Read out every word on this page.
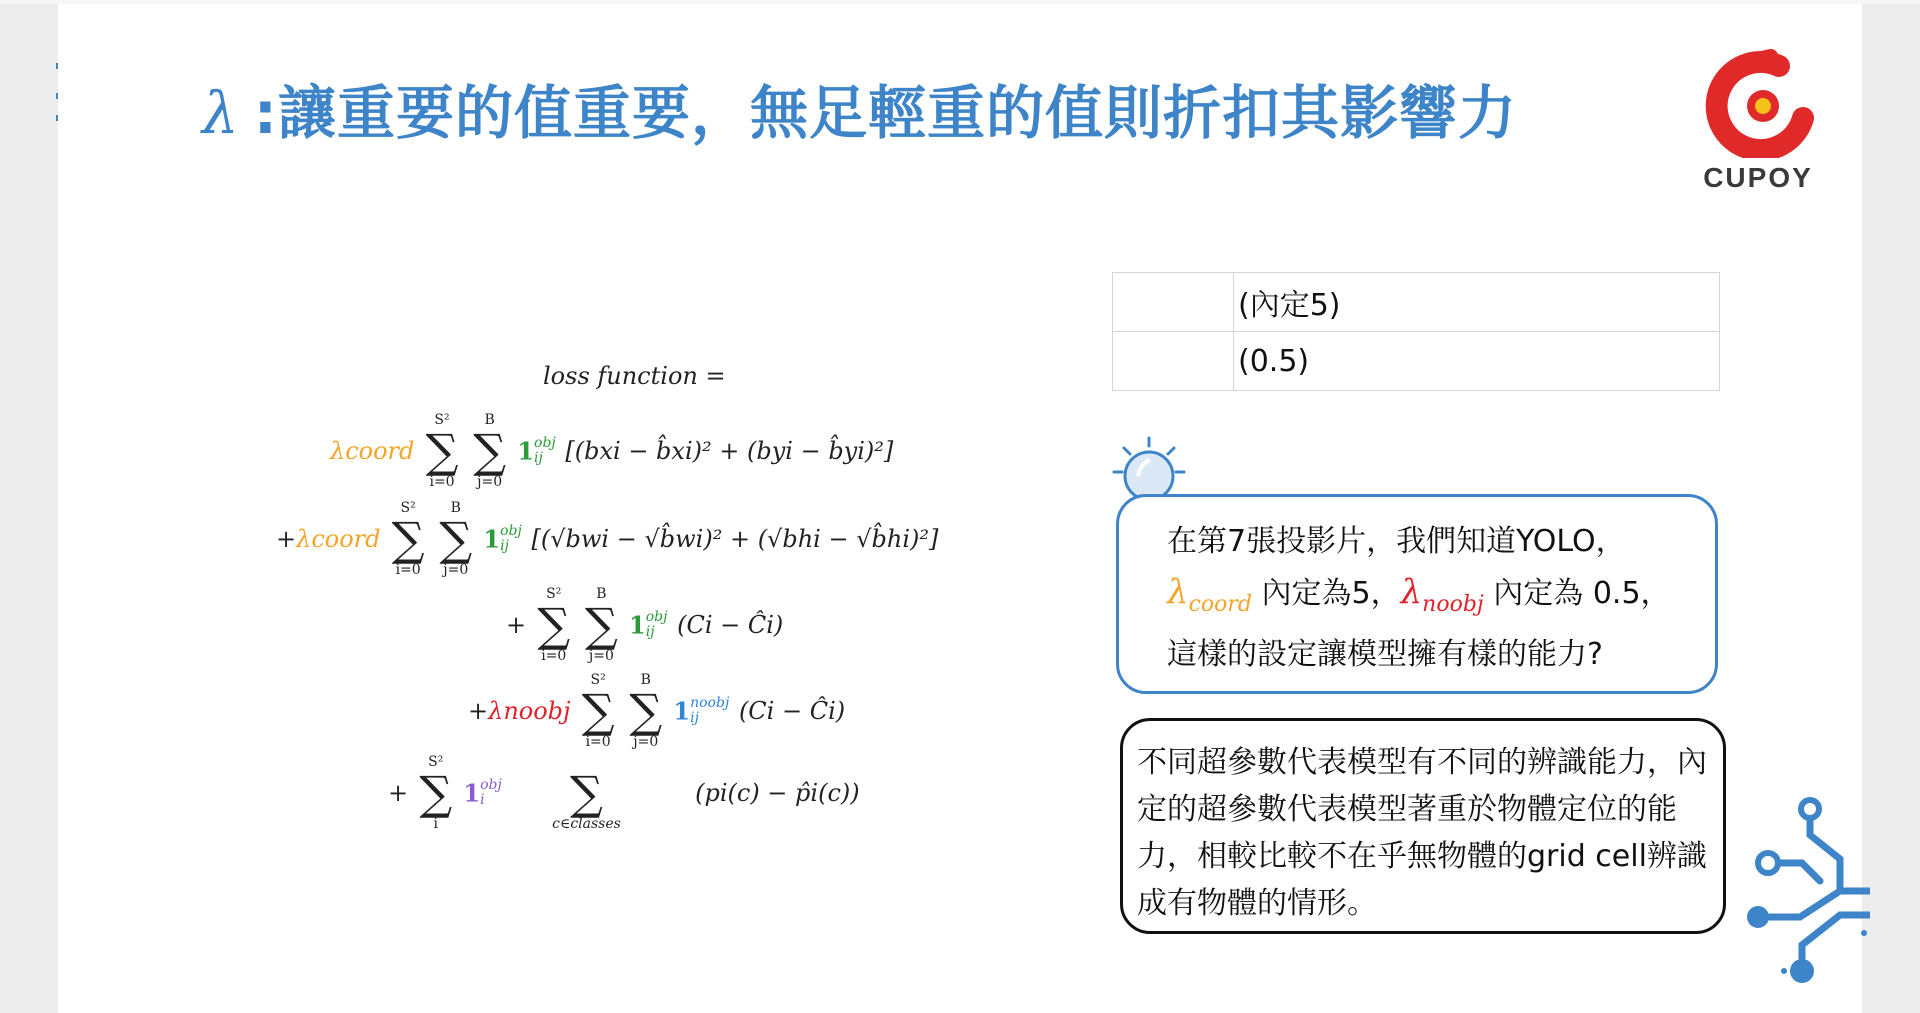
λ :讓重要的值重要，無足輕重的值則折扣其影響力
CUPOY
loss function =
λcoord
S²
∑
i=0

B
∑
j=0
1obj
ij [(bxi − b̂xi)² + (byi − b̂yi)²]
+λcoord
S²
∑
i=0

B
∑
j=0
1obj
ij [(√bwi − √b̂wi)² + (√bhi − √b̂hi)²]
+
S²
∑
i=0

B
∑
j=0
1obj
ij (Ci − Ĉi)
+λnoobj
S²
∑
i=0

B
∑
j=0
1noobj
ij (Ci − Ĉi)
+
S²
∑
i
1obj
i	∑
c∈classes
(pi(c) − p̂i(c))
	(內定5)
	(0.5)
在第7張投影片，我們知道YOLO，
$\lambda_{coord}$ 內定為5，$\lambda_{noobj}$ 內定為 0.5，
這樣的設定讓模型擁有樣的能力?
不同超參數代表模型有不同的辨識能力，內定的超參數代表模型著重於物體定位的能力，相較比較不在乎無物體的grid cell辨識成有物體的情形。
